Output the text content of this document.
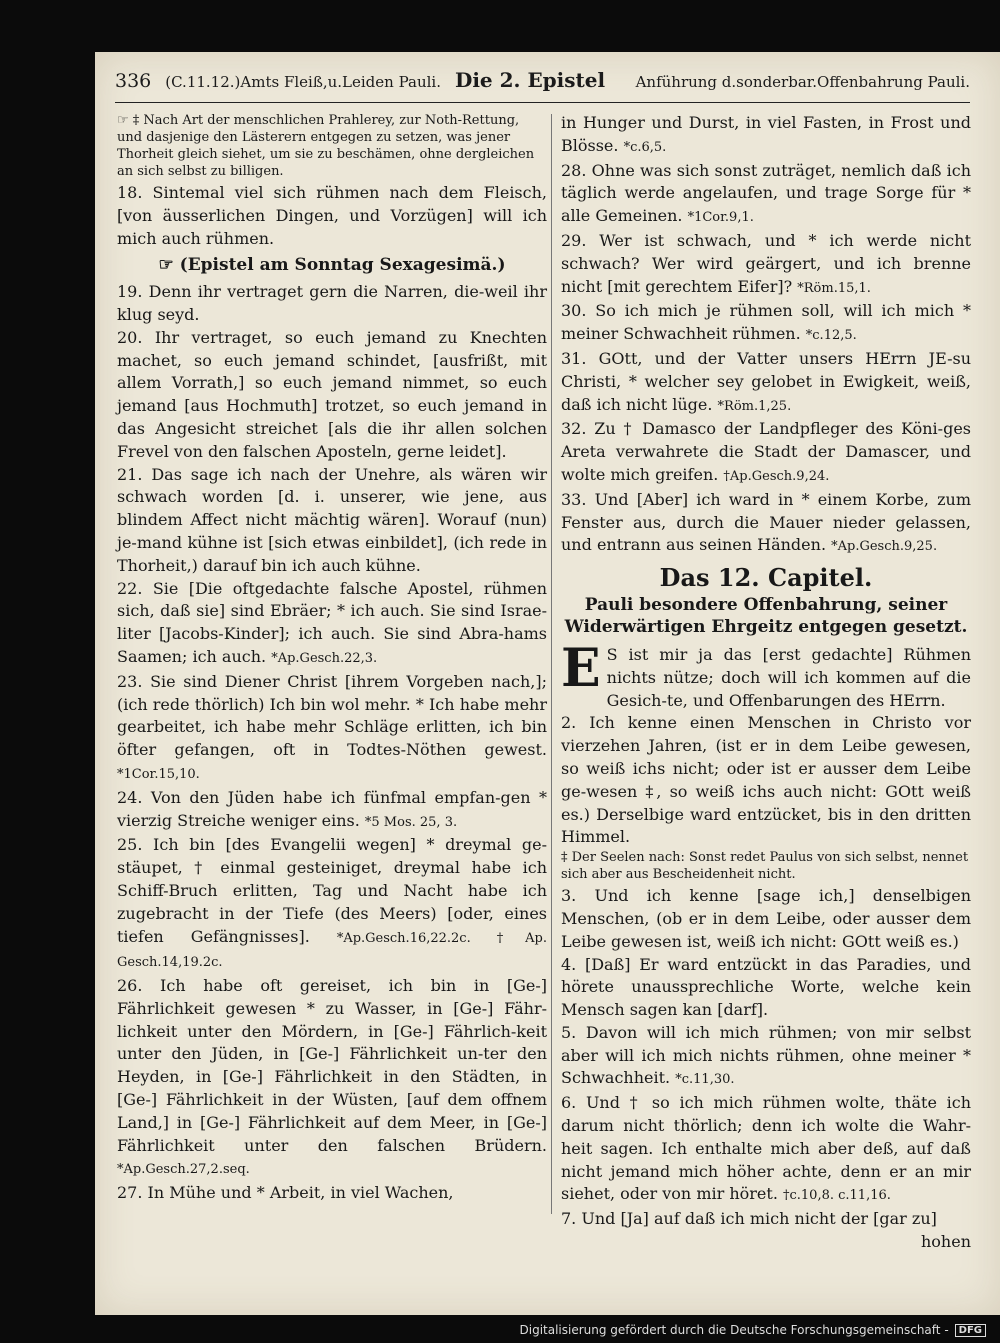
336 (C.11.12.)Amts Fleiß,u.Leiden Pauli. Die 2. Epistel Anführung d.sonderbar.Offenbahrung Pauli.

☞ ‡ Nach Art der menschlichen Prahlerey, zur Noth-Rettung, und dasjenige den Lästerern entgegen zu setzen, was jener Thorheit gleich siehet, um sie zu beschämen, ohne dergleichen an sich selbst zu billigen.

18. Sintemal viel sich rühmen nach dem Fleisch, [von äusserlichen Dingen, und Vorzügen] will ich mich auch rühmen.

☞ (Epistel am Sonntag Sexagesimä.)

19. Denn ihr vertraget gern die Narren, die-weil ihr klug seyd.

20. Ihr vertraget, so euch jemand zu Knechten machet, so euch jemand schindet, [ausfrißt, mit allem Vorrath,] so euch jemand nimmet, so euch jemand [aus Hochmuth] trotzet, so euch jemand in das Angesicht streichet [als die ihr allen solchen Frevel von den falschen Aposteln, gerne leidet].

21. Das sage ich nach der Unehre, als wären wir schwach worden [d. i. unserer, wie jene, aus blindem Affect nicht mächtig wären]. Worauf (nun) je-mand kühne ist [sich etwas einbildet], (ich rede in Thorheit,) darauf bin ich auch kühne.

22. Sie [Die oftgedachte falsche Apostel, rühmen sich, daß sie] sind Ebräer; * ich auch. Sie sind Israe-liter [Jacobs-Kinder]; ich auch. Sie sind Abra-hams Saamen; ich auch. *Ap.Gesch.22,3.

23. Sie sind Diener Christ [ihrem Vorgeben nach,]; (ich rede thörlich) Ich bin wol mehr. * Ich habe mehr gearbeitet, ich habe mehr Schläge erlitten, ich bin öfter gefangen, oft in Todtes-Nöthen gewest. *1Cor.15,10.

24. Von den Jüden habe ich fünfmal empfan-gen * vierzig Streiche weniger eins. *5 Mos. 25, 3.

25. Ich bin [des Evangelii wegen] * dreymal ge-stäupet, † einmal gesteiniget, dreymal habe ich Schiff-Bruch erlitten, Tag und Nacht habe ich zugebracht in der Tiefe (des Meers) [oder, eines tiefen Gefängnisses]. *Ap.Gesch.16,22.2c. †Ap. Gesch.14,19.2c.

26. Ich habe oft gereiset, ich bin in [Ge-] Fährlichkeit gewesen * zu Wasser, in [Ge-] Fähr-lichkeit unter den Mördern, in [Ge-] Fährlich-keit unter den Jüden, in [Ge-] Fährlichkeit un-ter den Heyden, in [Ge-] Fährlichkeit in den Städten, in [Ge-] Fährlichkeit in der Wüsten, [auf dem offnem Land,] in [Ge-] Fährlichkeit auf dem Meer, in [Ge-] Fährlichkeit unter den falschen Brüdern. *Ap.Gesch.27,2.seq.

27. In Mühe und * Arbeit, in viel Wachen,

in Hunger und Durst, in viel Fasten, in Frost und Blösse. *c.6,5.

28. Ohne was sich sonst zuträget, nemlich daß ich täglich werde angelaufen, und trage Sorge für * alle Gemeinen. *1Cor.9,1.

29. Wer ist schwach, und * ich werde nicht schwach? Wer wird geärgert, und ich brenne nicht [mit gerechtem Eifer]? *Röm.15,1.

30. So ich mich je rühmen soll, will ich mich * meiner Schwachheit rühmen. *c.12,5.

31. GOtt, und der Vatter unsers HErrn JE-su Christi, * welcher sey gelobet in Ewigkeit, weiß, daß ich nicht lüge. *Röm.1,25.

32. Zu † Damasco der Landpfleger des Köni-ges Areta verwahrete die Stadt der Damascer, und wolte mich greifen. †Ap.Gesch.9,24.

33. Und [Aber] ich ward in * einem Korbe, zum Fenster aus, durch die Mauer nieder gelassen, und entrann aus seinen Händen. *Ap.Gesch.9,25.

Das 12. Capitel.

Pauli besondere Offenbahrung, seiner Widerwärtigen Ehrgeitz entgegen gesetzt.

E S ist mir ja das [erst gedachte] Rühmen nichts nütze; doch will ich kommen auf die Gesich-te, und Offenbarungen des HErrn.

2. Ich kenne einen Menschen in Christo vor vierzehen Jahren, (ist er in dem Leibe gewesen, so weiß ichs nicht; oder ist er ausser dem Leibe ge-wesen ‡, so weiß ichs auch nicht: GOtt weiß es.) Derselbige ward entzücket, bis in den dritten Himmel.

‡ Der Seelen nach: Sonst redet Paulus von sich selbst, nennet sich aber aus Bescheidenheit nicht.

3. Und ich kenne [sage ich,] denselbigen Menschen, (ob er in dem Leibe, oder ausser dem Leibe gewesen ist, weiß ich nicht: GOtt weiß es.)

4. [Daß] Er ward entzückt in das Paradies, und hörete unaussprechliche Worte, welche kein Mensch sagen kan [darf].

5. Davon will ich mich rühmen; von mir selbst aber will ich mich nichts rühmen, ohne meiner * Schwachheit. *c.11,30.

6. Und † so ich mich rühmen wolte, thäte ich darum nicht thörlich; denn ich wolte die Wahr-heit sagen. Ich enthalte mich aber deß, auf daß nicht jemand mich höher achte, denn er an mir siehet, oder von mir höret. †c.10,8. c.11,16.

7. Und [Ja] auf daß ich mich nicht der [gar zu]

hohen

Digitalisierung gefördert durch die Deutsche Forschungsgemeinschaft -	DFG
